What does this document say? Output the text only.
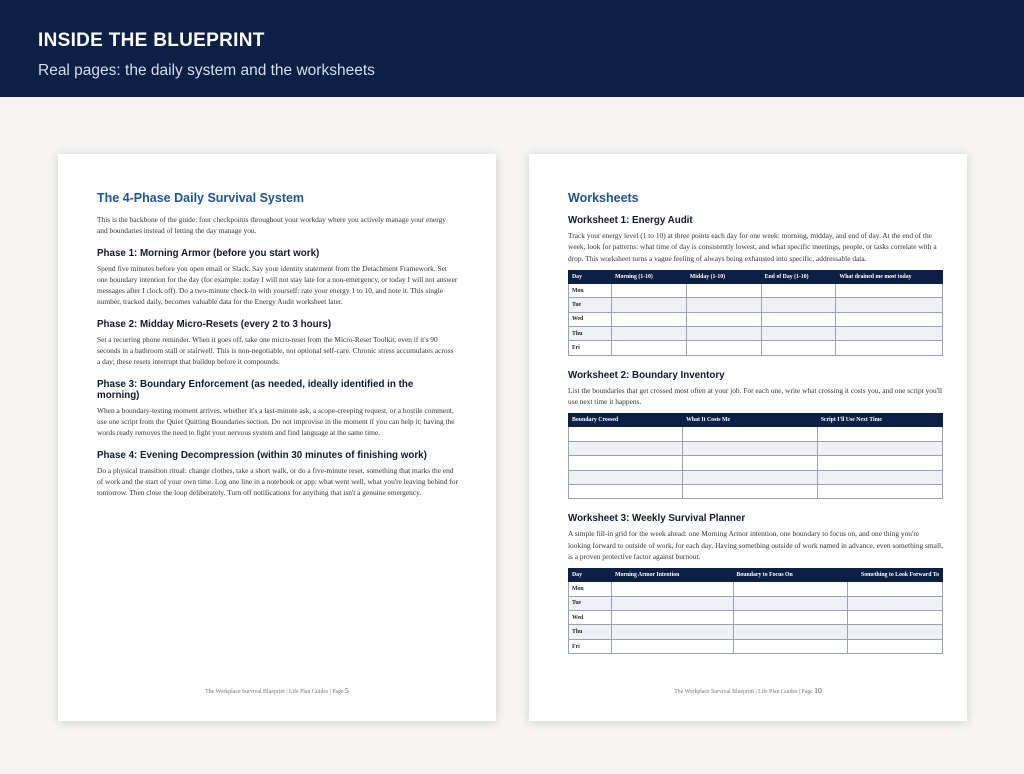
INSIDE THE BLUEPRINT
Real pages: the daily system and the worksheets
The 4-Phase Daily Survival System
This is the backbone of the guide: four checkpoints throughout your workday where you actively manage your energy and boundaries instead of letting the day manage you.
Phase 1: Morning Armor (before you start work)
Spend five minutes before you open email or Slack. Say your identity statement from the Detachment Framework. Set one boundary intention for the day (for example: today I will not stay late for a non-emergency, or today I will not answer messages after I clock off). Do a two-minute check-in with yourself: rate your energy 1 to 10, and note it. This single number, tracked daily, becomes valuable data for the Energy Audit worksheet later.
Phase 2: Midday Micro-Resets (every 2 to 3 hours)
Set a recurring phone reminder. When it goes off, take one micro-reset from the Micro-Reset Toolkit, even if it's 90 seconds in a bathroom stall or stairwell. This is non-negotiable, not optional self-care. Chronic stress accumulates across a day; these resets interrupt that buildup before it compounds.
Phase 3: Boundary Enforcement (as needed, ideally identified in the morning)
When a boundary-testing moment arrives, whether it's a last-minute ask, a scope-creeping request, or a hostile comment, use one script from the Quiet Quitting Boundaries section. Do not improvise in the moment if you can help it; having the words ready removes the need to fight your nervous system and find language at the same time.
Phase 4: Evening Decompression (within 30 minutes of finishing work)
Do a physical transition ritual: change clothes, take a short walk, or do a five-minute reset, something that marks the end of work and the start of your own time. Log one line in a notebook or app: what went well, what you're leaving behind for tomorrow. Then close the loop deliberately. Turn off notifications for anything that isn't a genuine emergency.
The Workplace Survival Blueprint | Life Plan Guides | Page 5
Worksheets
Worksheet 1: Energy Audit
Track your energy level (1 to 10) at three points each day for one week: morning, midday, and end of day. At the end of the week, look for patterns: what time of day is consistently lowest, and what specific meetings, people, or tasks correlate with a drop. This worksheet turns a vague feeling of always being exhausted into specific, addressable data.
Day	Morning (1-10)	Midday (1-10)	End of Day (1-10)	What drained me most today
Mon				
Tue				
Wed				
Thu				
Fri				
Worksheet 2: Boundary Inventory
List the boundaries that get crossed most often at your job. For each one, write what crossing it costs you, and one script you'll use next time it happens.
Boundary Crossed	What It Costs Me	Script I'll Use Next Time

Worksheet 3: Weekly Survival Planner
A simple fill-in grid for the week ahead: one Morning Armor intention, one boundary to focus on, and one thing you're looking forward to outside of work, for each day. Having something outside of work named in advance, even something small, is a proven protective factor against burnout.
Day	Morning Armor Intention	Boundary to Focus On	Something to Look Forward To
Mon			
Tue			
Wed			
Thu			
Fri			
The Workplace Survival Blueprint | Life Plan Guides | Page 10
